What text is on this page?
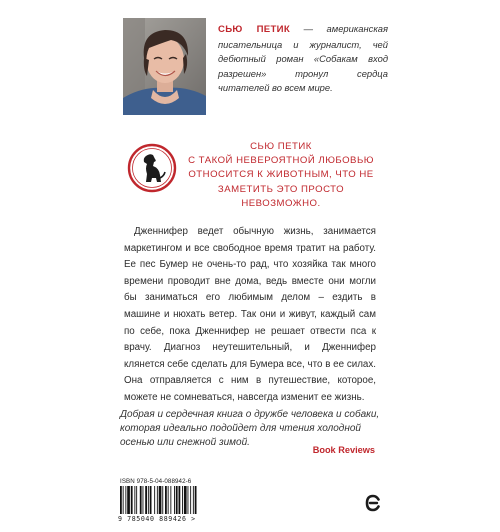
СЬЮ ПЕТИК — американская писательница и журналист, чей дебютный роман «Собакам вход разрешен» тронул сердца читателей во всем мире.
СЬЮ ПЕТИК
С ТАКОЙ НЕВЕРОЯТНОЙ ЛЮБОВЬЮ
ОТНОСИТСЯ К ЖИВОТНЫМ, ЧТО НЕ
ЗАМЕТИТЬ ЭТО ПРОСТО
НЕВОЗМОЖНО.

Дженнифер ведет обычную жизнь, занимается маркетингом и все свободное время тратит на работу. Ее пес Бумер не очень-то рад, что хозяйка так много времени проводит вне дома, ведь вместе они могли бы заниматься его любимым делом – ездить в машине и нюхать ветер. Так они и живут, каждый сам по себе, пока Дженнифер не решает отвести пса к врачу. Диагноз неутешительный, и Дженнифер клянется себе сделать для Бумера все, что в ее силах. Она отправляется с ним в путешествие, которое, можете не сомневаться, навсегда изменит ее жизнь.

Добрая и сердечная книга о дружбе человека и собаки, которая идеально подойдет для чтения холодной осенью или снежной зимой.
Book Reviews
ISBN 978-5-04-088942-6
9 785040 889426 >
